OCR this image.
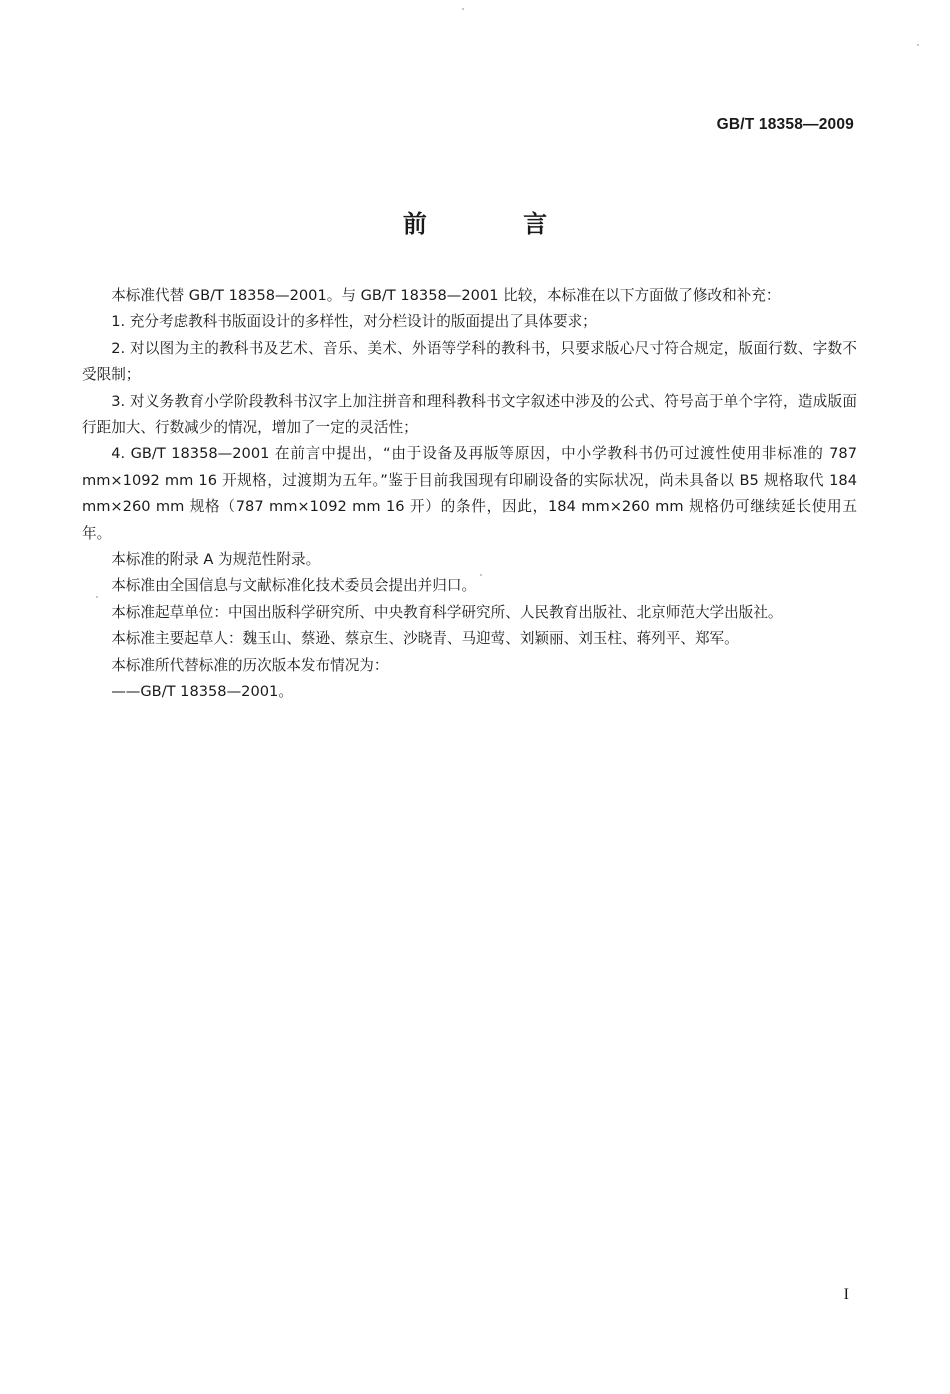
GB/T 18358—2009
前 言

本标准代替 GB/T 18358—2001。与 GB/T 18358—2001 比较，本标准在以下方面做了修改和补充：

1. 充分考虑教科书版面设计的多样性，对分栏设计的版面提出了具体要求；

2. 对以图为主的教科书及艺术、音乐、美术、外语等学科的教科书，只要求版心尺寸符合规定，版面行数、字数不受限制；

3. 对义务教育小学阶段教科书汉字上加注拼音和理科教科书文字叙述中涉及的公式、符号高于单个字符，造成版面行距加大、行数减少的情况，增加了一定的灵活性；

4. GB/T 18358—2001 在前言中提出，“由于设备及再版等原因，中小学教科书仍可过渡性使用非标准的 787 mm×1092 mm 16 开规格，过渡期为五年。”鉴于目前我国现有印刷设备的实际状况，尚未具备以 B5 规格取代 184 mm×260 mm 规格（787 mm×1092 mm 16 开）的条件，因此，184 mm×260 mm 规格仍可继续延长使用五年。

本标准的附录 A 为规范性附录。

本标准由全国信息与文献标准化技术委员会提出并归口。

本标准起草单位：中国出版科学研究所、中央教育科学研究所、人民教育出版社、北京师范大学出版社。

本标准主要起草人：魏玉山、蔡逊、蔡京生、沙晓青、马迎莺、刘颖丽、刘玉柱、蒋列平、郑军。

本标准所代替标准的历次版本发布情况为：

——GB/T 18358—2001。

I
